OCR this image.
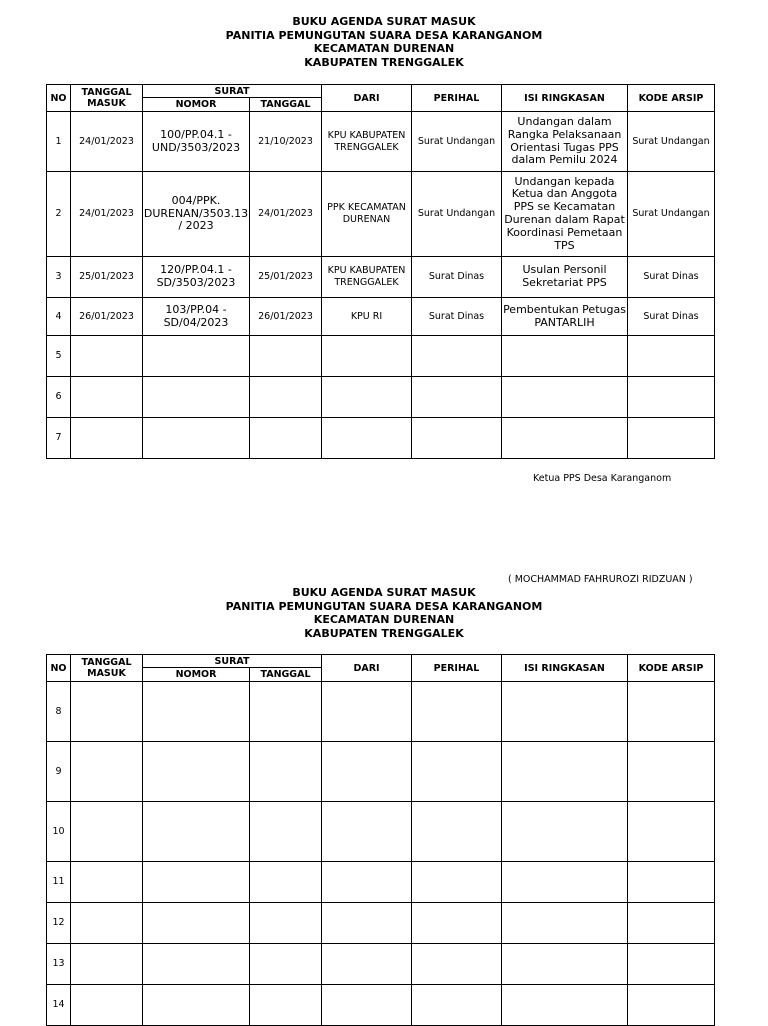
BUKU AGENDA SURAT MASUK
PANITIA PEMUNGUTAN SUARA DESA KARANGANOM
KECAMATAN DURENAN
KABUPATEN TRENGGALEK
NO	TANGGAL MASUK	SURAT		DARI	PERIHAL	ISI RINGKASAN	KODE ARSIP
		NOMOR	TANGGAL				
1	24/01/2023	100/PP.04.1 - UND/3503/2023	21/10/2023	KPU KABUPATEN TRENGGALEK	Surat Undangan	Undangan dalam Rangka Pelaksanaan Orientasi Tugas PPS dalam Pemilu 2024	Surat Undangan
2	24/01/2023	004/PPK. DURENAN/3503.13 / 2023	24/01/2023	PPK KECAMATAN DURENAN	Surat Undangan	Undangan kepada Ketua dan Anggota PPS se Kecamatan Durenan dalam Rapat Koordinasi Pemetaan TPS	Surat Undangan
3	25/01/2023	120/PP.04.1 - SD/3503/2023	25/01/2023	KPU KABUPATEN TRENGGALEK	Surat Dinas	Usulan Personil Sekretariat PPS	Surat Dinas
4	26/01/2023	103/PP.04 - SD/04/2023	26/01/2023	KPU RI	Surat Dinas	Pembentukan Petugas PANTARLIH	Surat Dinas
5							
6							
7							
Ketua PPS Desa Karanganom
( MOCHAMMAD FAHRUROZI RIDZUAN )
BUKU AGENDA SURAT MASUK
PANITIA PEMUNGUTAN SUARA DESA KARANGANOM
KECAMATAN DURENAN
KABUPATEN TRENGGALEK
NO	TANGGAL MASUK	SURAT		DARI	PERIHAL	ISI RINGKASAN	KODE ARSIP
		NOMOR	TANGGAL				
8							
9							
10							
11							
12							
13							
14							
